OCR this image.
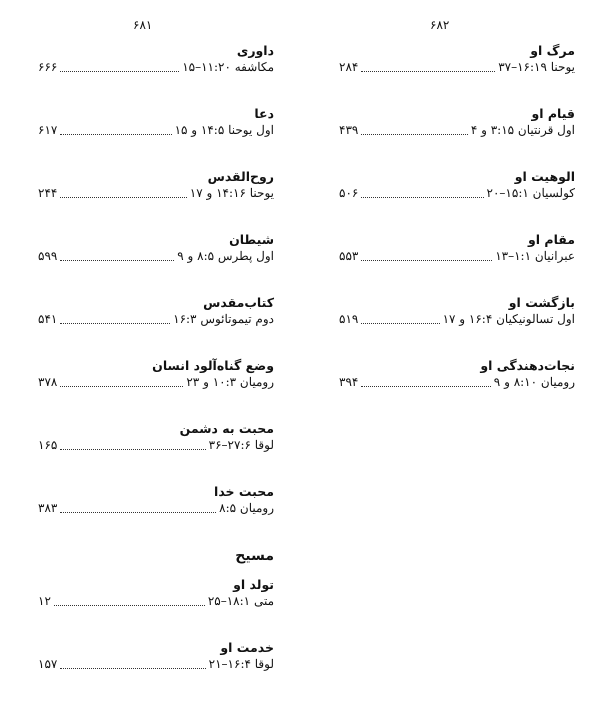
۶۸۲
۶۸۱
مرگ او
یوحنا ۱۶:۱۹–۳۷
۲۸۴
قیام او
اول قرنتیان ۳:۱۵ و ۴
۴۳۹
الوهیت او
کولسیان ۱۵:۱–۲۰
۵۰۶
مقام او
عبرانیان ۱:۱–۱۳
۵۵۳
بازگشت او
اول تسالونیکیان ۱۶:۴ و ۱۷
۵۱۹
نجات‌دهندگی او
رومیان ۸:۱۰ و ۹
۳۹۴
داوری
مکاشفه ۱۱:۲۰–۱۵
۶۶۶
دعا
اول یوحنا ۱۴:۵ و ۱۵
۶۱۷
روح‌القدس
یوحنا ۱۴:۱۶ و ۱۷
۲۴۴
شیطان
اول پطرس ۸:۵ و ۹
۵۹۹
کتاب‌مقدس
دوم تیموتائوس ۱۶:۳
۵۴۱
وضع گناه‌آلود انسان
رومیان ۱۰:۳ و ۲۳
۳۷۸
محبت به دشمن
لوقا ۲۷:۶–۳۶
۱۶۵
محبت خدا
رومیان ۸:۵
۳۸۳
مسیح
تولد او
متی ۱۸:۱–۲۵
۱۲
خدمت او
لوقا ۱۶:۴–۲۱
۱۵۷
